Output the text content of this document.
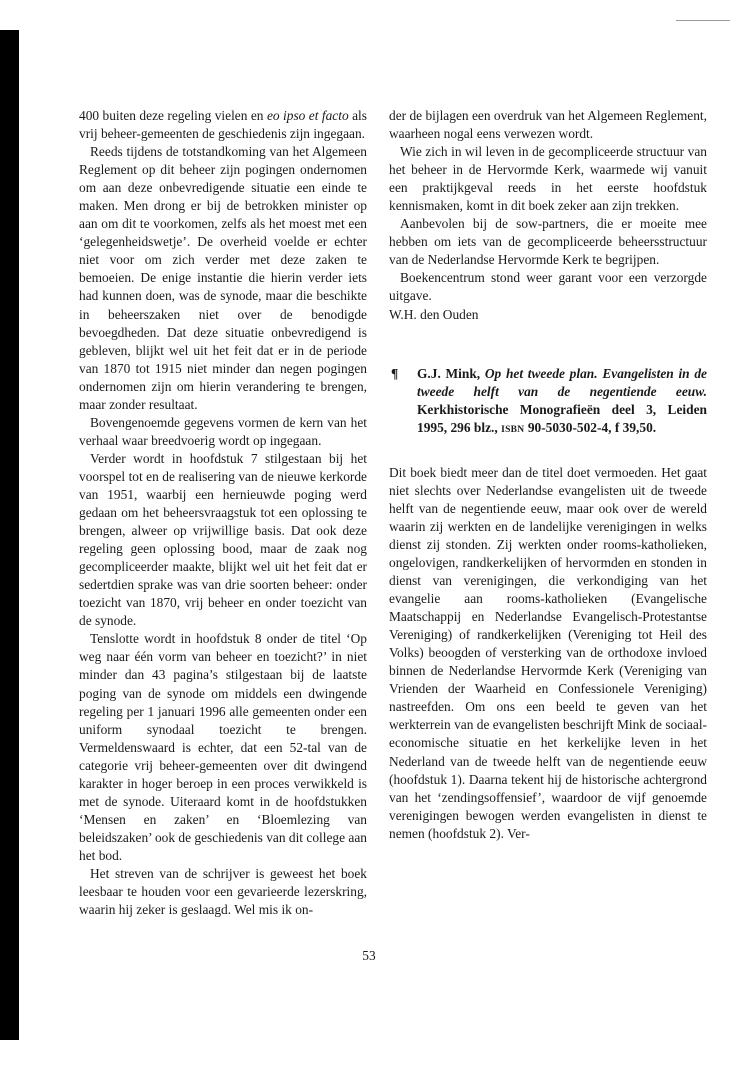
400 buiten deze regeling vielen en eo ipso et facto als vrij beheer-gemeenten de geschiedenis zijn ingegaan.

Reeds tijdens de totstandkoming van het Algemeen Reglement op dit beheer zijn pogingen ondernomen om aan deze onbevredigende situatie een einde te maken. Men drong er bij de betrokken minister op aan om dit te voorkomen, zelfs als het moest met een ‘gelegenheidswetje’. De overheid voelde er echter niet voor om zich verder met deze zaken te bemoeien. De enige instantie die hierin verder iets had kunnen doen, was de synode, maar die beschikte in beheerszaken niet over de benodigde bevoegdheden. Dat deze situatie onbevredigend is gebleven, blijkt wel uit het feit dat er in de periode van 1870 tot 1915 niet minder dan negen pogingen ondernomen zijn om hierin verandering te brengen, maar zonder resultaat.

Bovengenoemde gegevens vormen de kern van het verhaal waar breedvoerig wordt op ingegaan.

Verder wordt in hoofdstuk 7 stilgestaan bij het voorspel tot en de realisering van de nieuwe kerkorde van 1951, waarbij een hernieuwde poging werd gedaan om het beheersvraagstuk tot een oplossing te brengen, alweer op vrijwillige basis. Dat ook deze regeling geen oplossing bood, maar de zaak nog gecompliceerder maakte, blijkt wel uit het feit dat er sedertdien sprake was van drie soorten beheer: onder toezicht van 1870, vrij beheer en onder toezicht van de synode.

Tenslotte wordt in hoofdstuk 8 onder de titel ‘Op weg naar één vorm van beheer en toezicht?’ in niet minder dan 43 pagina’s stilgestaan bij de laatste poging van de synode om middels een dwingende regeling per 1 januari 1996 alle gemeenten onder een uniform synodaal toezicht te brengen. Vermeldenswaard is echter, dat een 52-tal van de categorie vrij beheer-gemeenten over dit dwingend karakter in hoger beroep in een proces verwikkeld is met de synode. Uiteraard komt in de hoofdstukken ‘Mensen en zaken’ en ‘Bloemlezing van beleidszaken’ ook de geschiedenis van dit college aan het bod.

Het streven van de schrijver is geweest het boek leesbaar te houden voor een gevarieerde lezerskring, waarin hij zeker is geslaagd. Wel mis ik on-

der de bijlagen een overdruk van het Algemeen Reglement, waarheen nogal eens verwezen wordt.

Wie zich in wil leven in de gecompliceerde structuur van het beheer in de Hervormde Kerk, waarmede wij vanuit een praktijkgeval reeds in het eerste hoofdstuk kennismaken, komt in dit boek zeker aan zijn trekken.

Aanbevolen bij de sow-partners, die er moeite mee hebben om iets van de gecompliceerde beheersstructuur van de Nederlandse Hervormde Kerk te begrijpen.

Boekencentrum stond weer garant voor een verzorgde uitgave.

W.H. den Ouden

¶ G.J. Mink, Op het tweede plan. Evangelisten in de tweede helft van de negentiende eeuw. Kerkhistorische Monografieën deel 3, Leiden 1995, 296 blz., ISBN 90-5030-502-4, f 39,50.

Dit boek biedt meer dan de titel doet vermoeden. Het gaat niet slechts over Nederlandse evangelisten uit de tweede helft van de negentiende eeuw, maar ook over de wereld waarin zij werkten en de landelijke verenigingen in welks dienst zij stonden. Zij werkten onder rooms-katholieken, ongelovigen, randkerkelijken of hervormden en stonden in dienst van verenigingen, die verkondiging van het evangelie aan rooms-katholieken (Evangelische Maatschappij en Nederlandse Evangelisch-Protestantse Vereniging) of randkerkelijken (Vereniging tot Heil des Volks) beoogden of versterking van de orthodoxe invloed binnen de Nederlandse Hervormde Kerk (Vereniging van Vrienden der Waarheid en Confessionele Vereniging) nastreefden. Om ons een beeld te geven van het werkterrein van de evangelisten beschrijft Mink de sociaal-economische situatie en het kerkelijke leven in het Nederland van de tweede helft van de negentiende eeuw (hoofdstuk 1). Daarna tekent hij de historische achtergrond van het ‘zendingsoffensief’, waardoor de vijf genoemde verenigingen bewogen werden evangelisten in dienst te nemen (hoofdstuk 2). Ver-

53
